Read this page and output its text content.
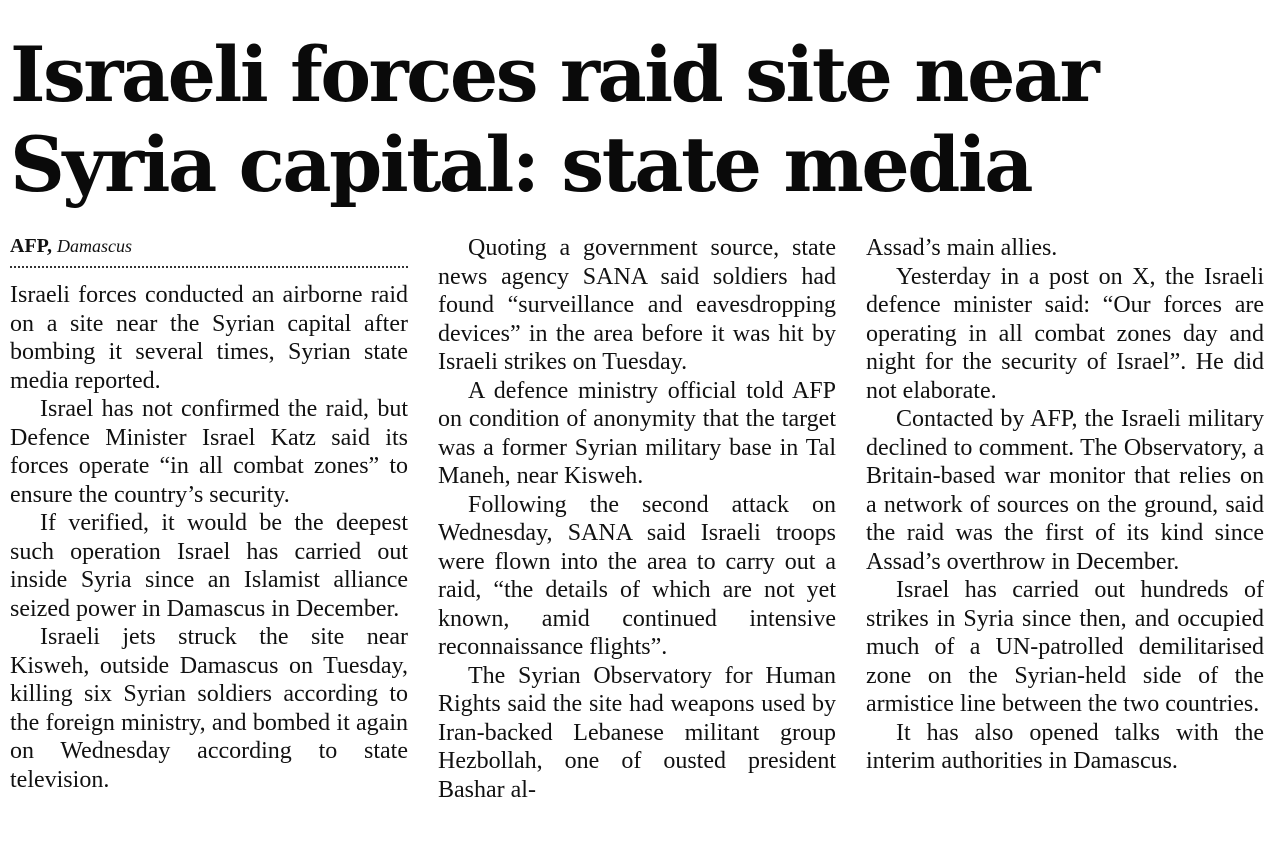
Israeli forces raid site near Syria capital: state media
AFP, Damascus

Israeli forces conducted an airborne raid on a site near the Syrian capital after bombing it several times, Syrian state media reported.

Israel has not confirmed the raid, but Defence Minister Israel Katz said its forces operate “in all combat zones” to ensure the country’s security.

If verified, it would be the deepest such operation Israel has carried out inside Syria since an Islamist alliance seized power in Damascus in December.

Israeli jets struck the site near Kisweh, outside Damascus on Tuesday, killing six Syrian soldiers according to the foreign ministry, and bombed it again on Wednesday according to state television.

Quoting a government source, state news agency SANA said soldiers had found “surveillance and eavesdropping devices” in the area before it was hit by Israeli strikes on Tuesday.

A defence ministry official told AFP on condition of anonymity that the target was a former Syrian military base in Tal Maneh, near Kisweh.

Following the second attack on Wednesday, SANA said Israeli troops were flown into the area to carry out a raid, “the details of which are not yet known, amid continued intensive reconnaissance flights”.

The Syrian Observatory for Human Rights said the site had weapons used by Iran-backed Lebanese militant group Hezbollah, one of ousted president Bashar al-

Assad’s main allies.

Yesterday in a post on X, the Israeli defence minister said: “Our forces are operating in all combat zones day and night for the security of Israel”. He did not elaborate.

Contacted by AFP, the Israeli military declined to comment. The Observatory, a Britain-based war monitor that relies on a network of sources on the ground, said the raid was the first of its kind since Assad’s overthrow in December.

Israel has carried out hundreds of strikes in Syria since then, and occupied much of a UN-patrolled demilitarised zone on the Syrian-held side of the armistice line between the two countries.

It has also opened talks with the interim authorities in Damascus.
